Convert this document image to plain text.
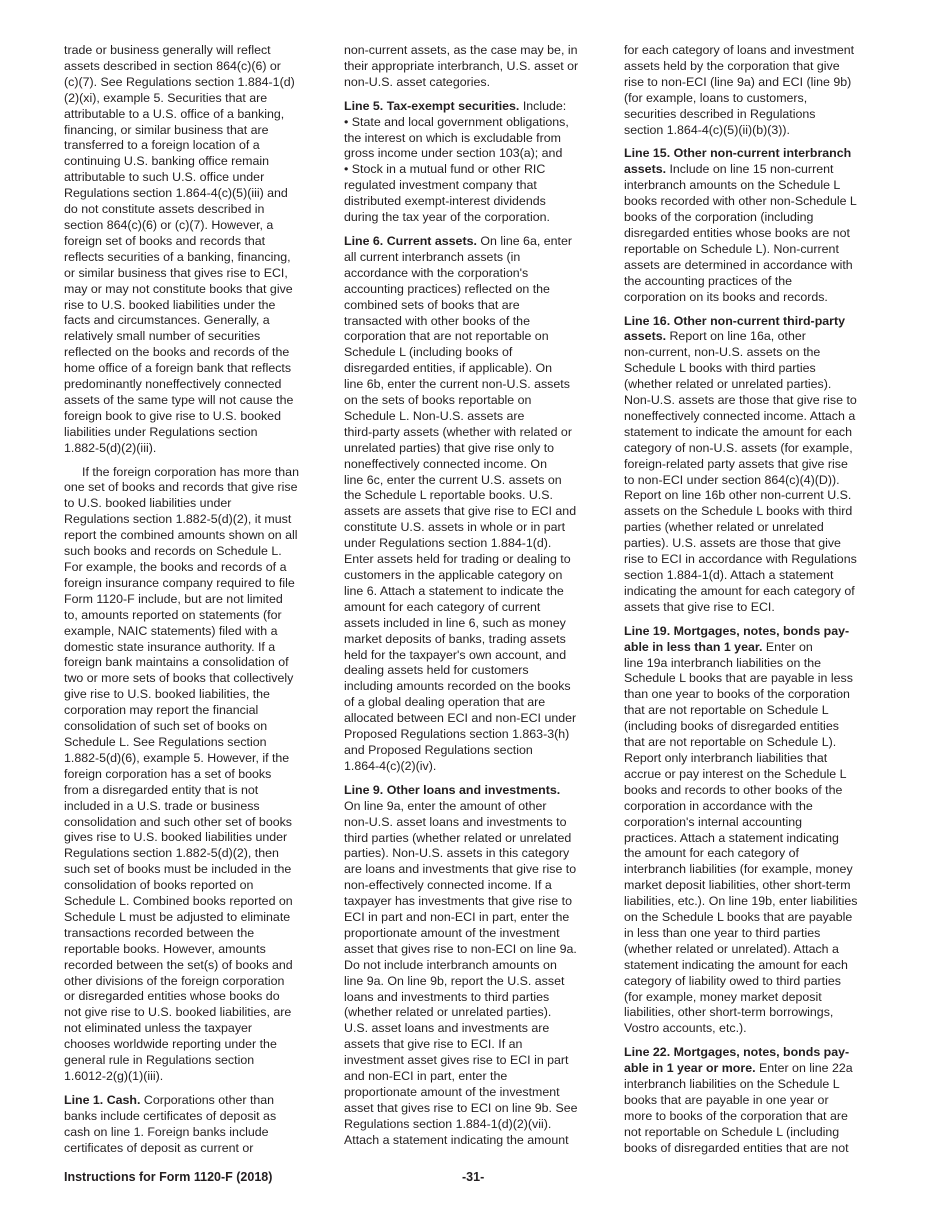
trade or business generally will reflect
assets described in section 864(c)(6) or
(c)(7). See Regulations section 1.884-1(d)
(2)(xi), example 5. Securities that are
attributable to a U.S. office of a banking,
financing, or similar business that are
transferred to a foreign location of a
continuing U.S. banking office remain
attributable to such U.S. office under
Regulations section 1.864-4(c)(5)(iii) and
do not constitute assets described in
section 864(c)(6) or (c)(7). However, a
foreign set of books and records that
reflects securities of a banking, financing,
or similar business that gives rise to ECI,
may or may not constitute books that give
rise to U.S. booked liabilities under the
facts and circumstances. Generally, a
relatively small number of securities
reflected on the books and records of the
home office of a foreign bank that reflects
predominantly noneffectively connected
assets of the same type will not cause the
foreign book to give rise to U.S. booked
liabilities under Regulations section
1.882-5(d)(2)(iii).

If the foreign corporation has more than
one set of books and records that give rise
to U.S. booked liabilities under
Regulations section 1.882-5(d)(2), it must
report the combined amounts shown on all
such books and records on Schedule L.
For example, the books and records of a
foreign insurance company required to file
Form 1120-F include, but are not limited
to, amounts reported on statements (for
example, NAIC statements) filed with a
domestic state insurance authority. If a
foreign bank maintains a consolidation of
two or more sets of books that collectively
give rise to U.S. booked liabilities, the
corporation may report the financial
consolidation of such set of books on
Schedule L. See Regulations section
1.882-5(d)(6), example 5. However, if the
foreign corporation has a set of books
from a disregarded entity that is not
included in a U.S. trade or business
consolidation and such other set of books
gives rise to U.S. booked liabilities under
Regulations section 1.882-5(d)(2), then
such set of books must be included in the
consolidation of books reported on
Schedule L. Combined books reported on
Schedule L must be adjusted to eliminate
transactions recorded between the
reportable books. However, amounts
recorded between the set(s) of books and
other divisions of the foreign corporation
or disregarded entities whose books do
not give rise to U.S. booked liabilities, are
not eliminated unless the taxpayer
chooses worldwide reporting under the
general rule in Regulations section
1.6012-2(g)(1)(iii).

Line 1. Cash. Corporations other than
banks include certificates of deposit as
cash on line 1. Foreign banks include
certificates of deposit as current or

non-current assets, as the case may be, in
their appropriate interbranch, U.S. asset or
non-U.S. asset categories.

Line 5. Tax-exempt securities. Include:

• State and local government obligations,
the interest on which is excludable from
gross income under section 103(a); and

• Stock in a mutual fund or other RIC
regulated investment company that
distributed exempt-interest dividends
during the tax year of the corporation.

Line 6. Current assets. On line 6a, enter
all current interbranch assets (in
accordance with the corporation's
accounting practices) reflected on the
combined sets of books that are
transacted with other books of the
corporation that are not reportable on
Schedule L (including books of
disregarded entities, if applicable). On
line 6b, enter the current non-U.S. assets
on the sets of books reportable on
Schedule L. Non-U.S. assets are
third-party assets (whether with related or
unrelated parties) that give rise only to
noneffectively connected income. On
line 6c, enter the current U.S. assets on
the Schedule L reportable books. U.S.
assets are assets that give rise to ECI and
constitute U.S. assets in whole or in part
under Regulations section 1.884-1(d).
Enter assets held for trading or dealing to
customers in the applicable category on
line 6. Attach a statement to indicate the
amount for each category of current
assets included in line 6, such as money
market deposits of banks, trading assets
held for the taxpayer's own account, and
dealing assets held for customers
including amounts recorded on the books
of a global dealing operation that are
allocated between ECI and non-ECI under
Proposed Regulations section 1.863-3(h)
and Proposed Regulations section
1.864-4(c)(2)(iv).

Line 9. Other loans and investments.
On line 9a, enter the amount of other
non-U.S. asset loans and investments to
third parties (whether related or unrelated
parties). Non-U.S. assets in this category
are loans and investments that give rise to
non-effectively connected income. If a
taxpayer has investments that give rise to
ECI in part and non-ECI in part, enter the
proportionate amount of the investment
asset that gives rise to non-ECI on line 9a.
Do not include interbranch amounts on
line 9a. On line 9b, report the U.S. asset
loans and investments to third parties
(whether related or unrelated parties).
U.S. asset loans and investments are
assets that give rise to ECI. If an
investment asset gives rise to ECI in part
and non-ECI in part, enter the
proportionate amount of the investment
asset that gives rise to ECI on line 9b. See
Regulations section 1.884-1(d)(2)(vii).
Attach a statement indicating the amount

for each category of loans and investment
assets held by the corporation that give
rise to non-ECI (line 9a) and ECI (line 9b)
(for example, loans to customers,
securities described in Regulations
section 1.864-4(c)(5)(ii)(b)(3)).

Line 15. Other non-current interbranch
assets. Include on line 15 non-current
interbranch amounts on the Schedule L
books recorded with other non-Schedule L
books of the corporation (including
disregarded entities whose books are not
reportable on Schedule L). Non-current
assets are determined in accordance with
the accounting practices of the
corporation on its books and records.

Line 16. Other non-current third-party
assets. Report on line 16a, other
non-current, non-U.S. assets on the
Schedule L books with third parties
(whether related or unrelated parties).
Non-U.S. assets are those that give rise to
noneffectively connected income. Attach a
statement to indicate the amount for each
category of non-U.S. assets (for example,
foreign-related party assets that give rise
to non-ECI under section 864(c)(4)(D)).
Report on line 16b other non-current U.S.
assets on the Schedule L books with third
parties (whether related or unrelated
parties). U.S. assets are those that give
rise to ECI in accordance with Regulations
section 1.884-1(d). Attach a statement
indicating the amount for each category of
assets that give rise to ECI.

Line 19. Mortgages, notes, bonds pay-
able in less than 1 year. Enter on
line 19a interbranch liabilities on the
Schedule L books that are payable in less
than one year to books of the corporation
that are not reportable on Schedule L
(including books of disregarded entities
that are not reportable on Schedule L).
Report only interbranch liabilities that
accrue or pay interest on the Schedule L
books and records to other books of the
corporation in accordance with the
corporation's internal accounting
practices. Attach a statement indicating
the amount for each category of
interbranch liabilities (for example, money
market deposit liabilities, other short-term
liabilities, etc.). On line 19b, enter liabilities
on the Schedule L books that are payable
in less than one year to third parties
(whether related or unrelated). Attach a
statement indicating the amount for each
category of liability owed to third parties
(for example, money market deposit
liabilities, other short-term borrowings,
Vostro accounts, etc.).

Line 22. Mortgages, notes, bonds pay-
able in 1 year or more. Enter on line 22a
interbranch liabilities on the Schedule L
books that are payable in one year or
more to books of the corporation that are
not reportable on Schedule L (including
books of disregarded entities that are not

Instructions for Form 1120-F (2018)	-31-
